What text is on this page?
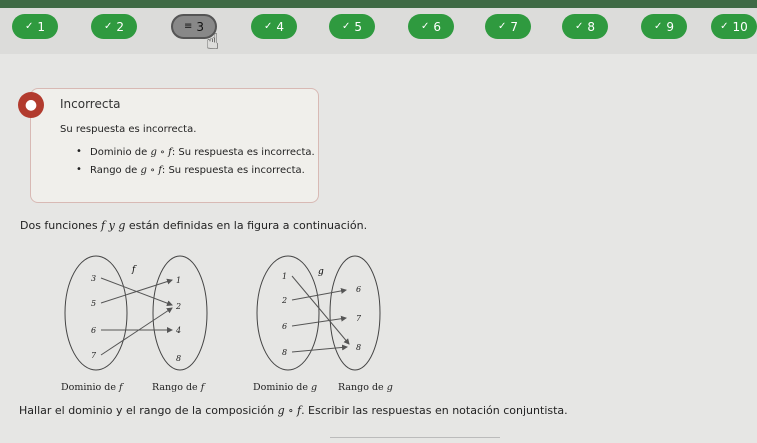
✓ 1	✓ 2	≡ 3	✓ 4	✓ 5	✓ 6	✓ 7	✓ 8	✓ 9	✓ 10
☝
●	Incorrecta
Su respuesta es incorrecta.
• Dominio de g ∘ f: Su respuesta es incorrecta.
• Rango de g ∘ f: Su respuesta es incorrecta.
Dos funciones f y g están definidas en la figura a continuación.
3
5
6
7
1
2
4
8
f
1
2
6
8
6
7
8
g
Dominio de f	Rango de f	Dominio de g Rango de g
Hallar el dominio y el rango de la composición g ∘ f. Escribir las respuestas en notación conjuntista.
